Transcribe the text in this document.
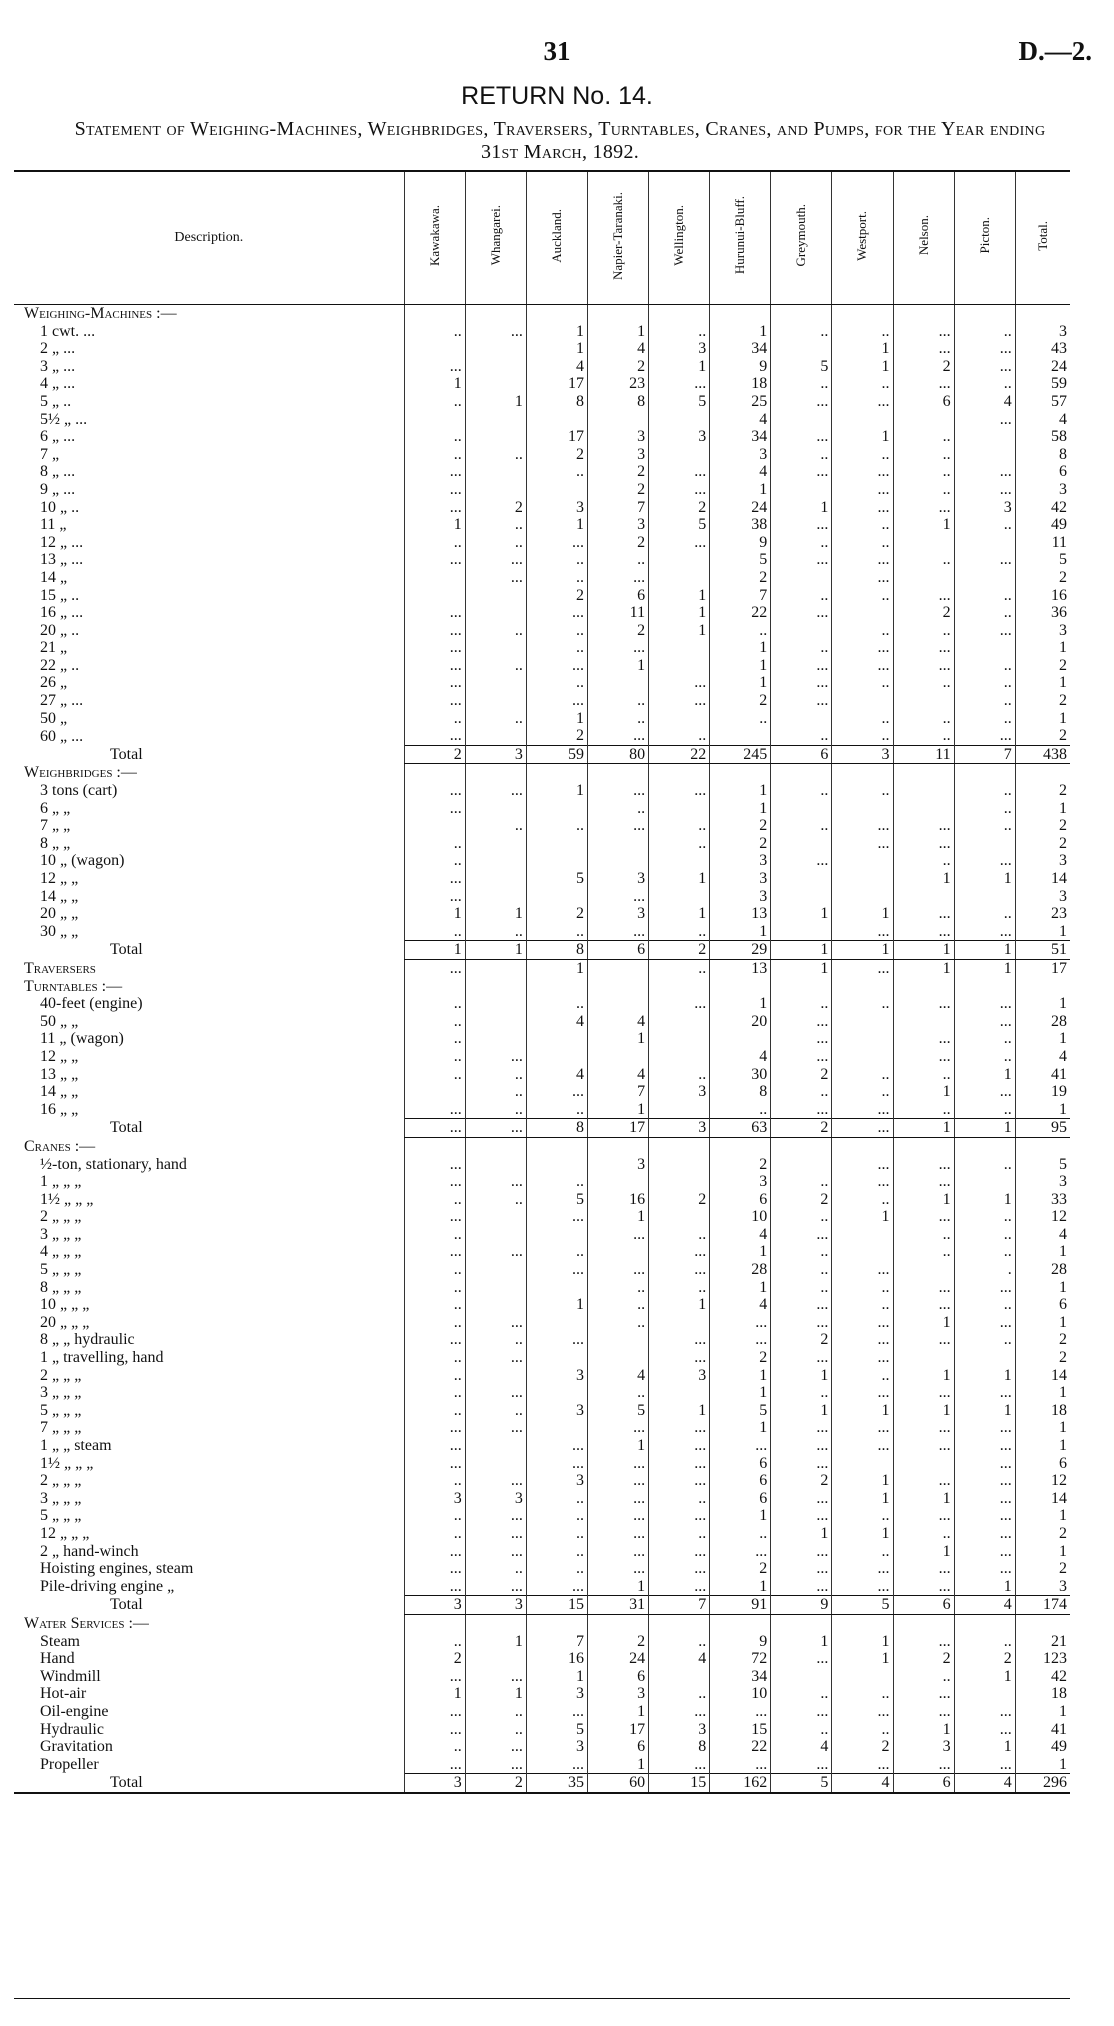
31	D.—2.
RETURN No. 14.
Statement of Weighing-Machines, Weighbridges, Traversers, Turntables, Cranes, and Pumps, for the Year ending 31st March, 1892.
Description.	Kawakawa.	Whangarei.	Auckland.	Napier-Taranaki.	Wellington.	Hurunui-Bluff.	Greymouth.	Westport.	Nelson.	Picton.	Total.
Weighing-Machines :—											
1 cwt. ...	..	...	1	1	..	1	..	..	...	..	3
2 „ ...			1	4	3	34		1	...	...	43
3 „ ...	...		4	2	1	9	5	1	2	...	24
4 „ ...	1		17	23	...	18	..	..	...	..	59
5 „ ..	..	1	8	8	5	25	...	...	6	4	57
5½ „ ...						4				...	4
6 „ ...	..		17	3	3	34	...	1	..		58
7 „	..	..	2	3		3	..	..	..		8
8 „ ...	...		..	2	...	4	...	...	..	...	6
9 „ ...	...			2	...	1		...	..	...	3
10 „ ..	...	2	3	7	2	24	1	...	...	3	42
11 „	1	..	1	3	5	38	...	..	1	..	49
12 „ ...	..	..	...	2	...	9	..	..			11
13 „ ...	...	...	..	..		5	...	...	..	...	5
14 „		...	..	...		2		...			2
15 „ ..			2	6	1	7	..	..	...	..	16
16 „ ...	...		...	11	1	22	...		2	..	36
20 „ ..	...	..	..	2	1	..		..	..	...	3
21 „	...		..	...		1	..	...	...		1
22 „ ..	...	..	...	1		1	...	...	...	..	2
26 „	...		..		...	1	...	..	..	..	1
27 „ ...	...		...	..	...	2	...			..	2
50 „	..	..	1	..		..		..	..	..	1
60 „ ...	...		2	...	..		..	..	..	...	2
Total	2	3	59	80	22	245	6	3	11	7	438
Weighbridges :—											
3 tons (cart)	...	...	1	...	...	1	..	..		..	2
6 „ „	...			..		1				..	1
7 „ „		..	..	...	..	2	..	...	...	..	2
8 „ „	..				..	2		...	...		2
10 „ (wagon)	..					3	...		..	...	3
12 „ „	...		5	3	1	3			1	1	14
14 „ „	...			...		3					3
20 „ „	1	1	2	3	1	13	1	1	...	..	23
30 „ „	..	..	..	...	..	1		...	...	...	1
Total	1	1	8	6	2	29	1	1	1	1	51
Traversers	...		1		..	13	1	...	1	1	17
Turntables :—											
40-feet (engine)	..		..		...	1	..	..	...	...	1
50 „ „	..		4	4		20	...			...	28
11 „ (wagon)	..			1			...		...	..	1
12 „ „	..	...				4	...		...	..	4
13 „ „	..	..	4	4	..	30	2	..	..	1	41
14 „ „		..	...	7	3	8	..	..	1	...	19
16 „ „	...	..	..	1		..	...	...	..	..	1
Total	...	...	8	17	3	63	2	...	1	1	95
Cranes :—											
½-ton, stationary, hand	...			3		2		...	...	..	5
1 „ „ „	...	...	..			3	..	...	...		3
1½ „ „ „	..	..	5	16	2	6	2	..	1	1	33
2 „ „ „	...		...	1		10	..	1	...	..	12
3 „ „ „	..			...	..	4	...		..	..	4
4 „ „ „	...	...	..		...	1	..		..	..	1
5 „ „ „	..		...	...	...	28	..	...		.	28
8 „ „ „	..			..	..	1	..	..	...	...	1
10 „ „ „	..		1	..	1	4	...	..	...	..	6
20 „ „ „	..	...		..		...	...	...	1	...	1
8 „ „ hydraulic	...	..	...		...	...	2	...	...	..	2
1 „ travelling, hand	..	...			...	2	...	...			2
2 „ „ „	..		3	4	3	1	1	..	1	1	14
3 „ „ „	..	...		..		1	..	...	...	...	1
5 „ „ „	..	..	3	5	1	5	1	1	1	1	18
7 „ „ „	...	...		...	...	1	...	...	...	...	1
1 „ „ steam	...		...	1	...	...	...	...	...	...	1
1½ „ „ „	...		...	...	...	6	...			...	6
2 „ „ „	..	...	3	...	...	6	2	1	...	...	12
3 „ „ „	3	3	..	...	..	6	...	1	1	...	14
5 „ „ „	..	...	..	...	...	1	...	..	...	...	1
12 „ „ „	..	...	..	...	..	..	1	1	..	...	2
2 „ hand-winch	...	...	..	...	...	...	...	..	1	...	1
Hoisting engines, steam	...	..	..	...	...	2	...	...	...	...	2
Pile-driving engine „	...	...	...	1	...	1	...	...	...	1	3
Total	3	3	15	31	7	91	9	5	6	4	174
Water Services :—											
Steam	..	1	7	2	..	9	1	1	...	..	21
Hand	2		16	24	4	72	...	1	2	2	123
Windmill	...	...	1	6		34			..	1	42
Hot-air	1	1	3	3	..	10	..	..	...		18
Oil-engine	...	..	...	1	...	...	...	...	...	...	1
Hydraulic	...	..	5	17	3	15	..	..	1	...	41
Gravitation	..	...	3	6	8	22	4	2	3	1	49
Propeller	...	...	...	1	...	...	...	...	...	...	1
Total	3	2	35	60	15	162	5	4	6	4	296
